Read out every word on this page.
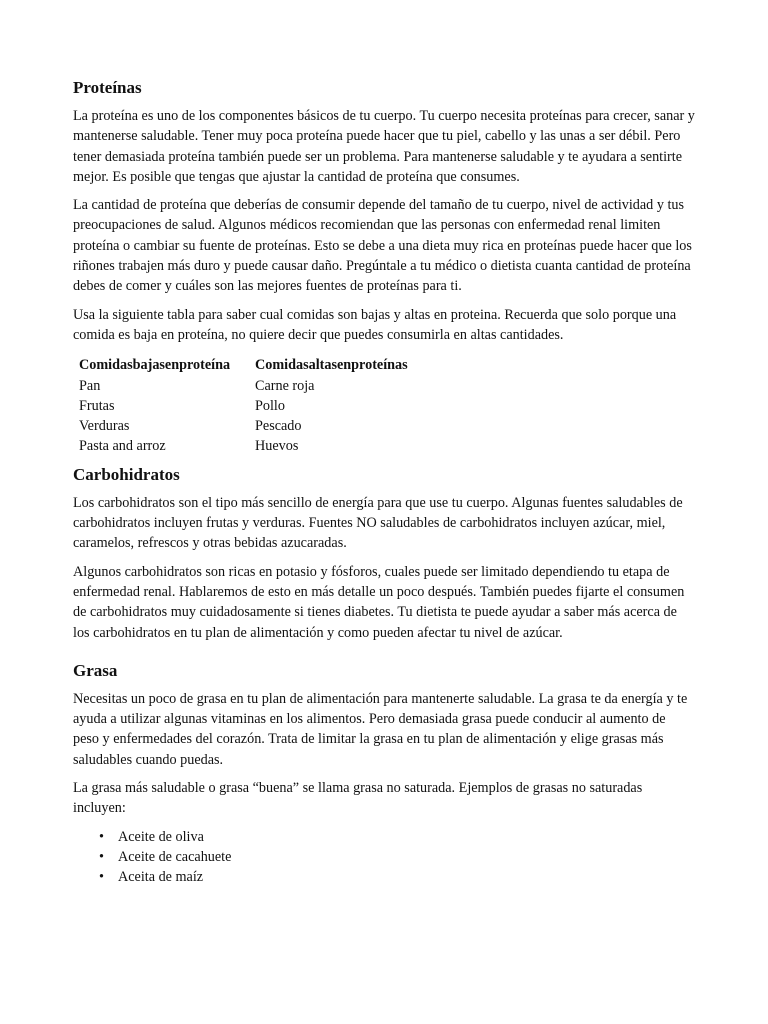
Proteínas

La proteína es uno de los componentes básicos de tu cuerpo. Tu cuerpo necesita proteínas para crecer, sanar y mantenerse saludable. Tener muy poca proteína puede hacer que tu piel, cabello y las unas a ser débil. Pero tener demasiada proteína también puede ser un problema. Para mantenerse saludable y te ayudara a sentirte mejor. Es posible que tengas que ajustar la cantidad de proteína que consumes.

La cantidad de proteína que deberías de consumir depende del tamaño de tu cuerpo, nivel de actividad y tus preocupaciones de salud. Algunos médicos recomiendan que las personas con enfermedad renal limiten proteína o cambiar su fuente de proteínas. Esto se debe a una dieta muy rica en proteínas puede hacer que los riñones trabajen más duro y puede causar daño. Pregúntale a tu médico o dietista cuanta cantidad de proteína debes de comer y cuáles son las mejores fuentes de proteínas para ti.

Usa la siguiente tabla para saber cual comidas son bajas y altas en proteina. Recuerda que solo porque una comida es baja en proteína, no quiere decir que puedes consumirla en altas cantidades.

Comidasbajasenproteína	Comidasaltasenproteínas
Pan	Carne roja
Frutas	Pollo
Verduras	Pescado
Pasta and arroz	Huevos
Carbohidratos

Los carbohidratos son el tipo más sencillo de energía para que use tu cuerpo. Algunas fuentes saludables de carbohidratos incluyen frutas y verduras. Fuentes NO saludables de carbohidratos incluyen azúcar, miel, caramelos, refrescos y otras bebidas azucaradas.

Algunos carbohidratos son ricas en potasio y fósforos, cuales puede ser limitado dependiendo tu etapa de enfermedad renal. Hablaremos de esto en más detalle un poco después. También puedes fijarte el consumen de carbohidratos muy cuidadosamente si tienes diabetes. Tu dietista te puede ayudar a saber más acerca de los carbohidratos en tu plan de alimentación y como pueden afectar tu nivel de azúcar.

Grasa

Necesitas un poco de grasa en tu plan de alimentación para mantenerte saludable. La grasa te da energía y te ayuda a utilizar algunas vitaminas en los alimentos. Pero demasiada grasa puede conducir al aumento de peso y enfermedades del corazón. Trata de limitar la grasa en tu plan de alimentación y elige grasas más saludables cuando puedas.

La grasa más saludable o grasa “buena” se llama grasa no saturada. Ejemplos de grasas no saturadas incluyen:

• Aceite de oliva
• Aceite de cacahuete
• Aceita de maíz
